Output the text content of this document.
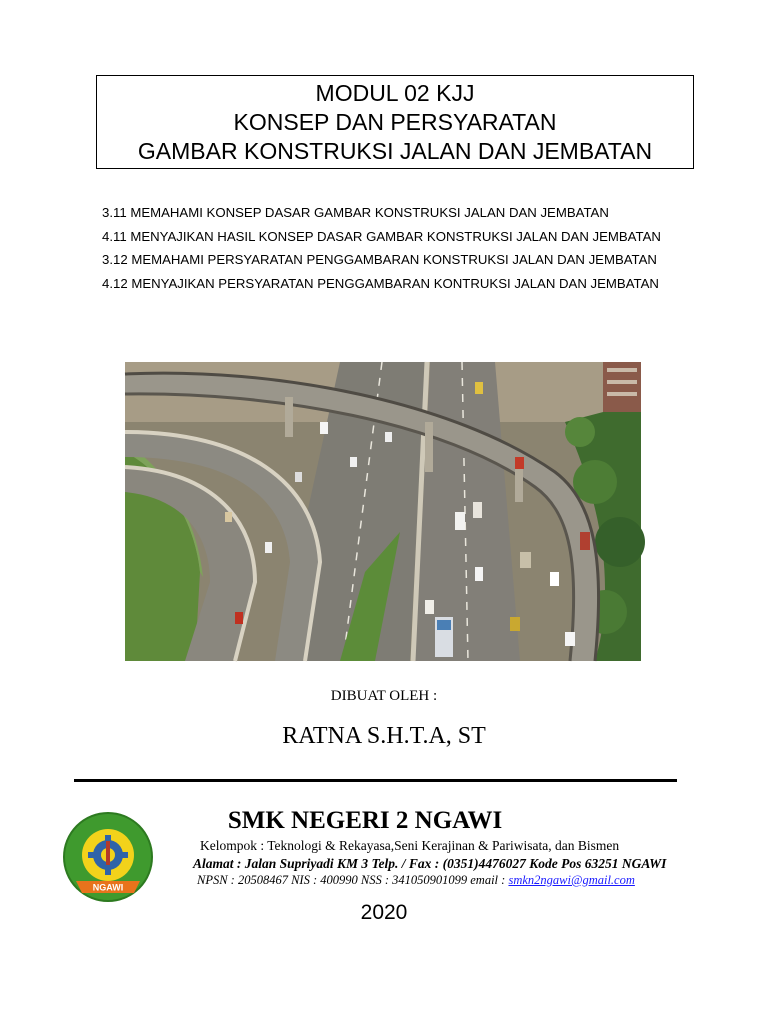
MODUL 02 KJJ
KONSEP DAN PERSYARATAN
GAMBAR KONSTRUKSI JALAN DAN JEMBATAN
3.11 MEMAHAMI KONSEP DASAR GAMBAR KONSTRUKSI JALAN DAN JEMBATAN
4.11 MENYAJIKAN HASIL KONSEP DASAR GAMBAR KONSTRUKSI JALAN DAN JEMBATAN
3.12 MEMAHAMI PERSYARATAN PENGGAMBARAN KONSTRUKSI JALAN DAN JEMBATAN
4.12 MENYAJIKAN PERSYARATAN PENGGAMBARAN KONTRUKSI JALAN DAN JEMBATAN
DIBUAT OLEH :
RATNA S.H.T.A, ST
SMK NEGERI 2
NGAWI
SMK NEGERI 2 NGAWI
Kelompok : Teknologi & Rekayasa,Seni Kerajinan & Pariwisata, dan Bismen
Alamat : Jalan Supriyadi KM 3 Telp. / Fax : (0351)4476027 Kode Pos 63251 NGAWI
NPSN : 20508467 NIS : 400990 NSS : 341050901099 email : smkn2ngawi@gmail.com
2020
